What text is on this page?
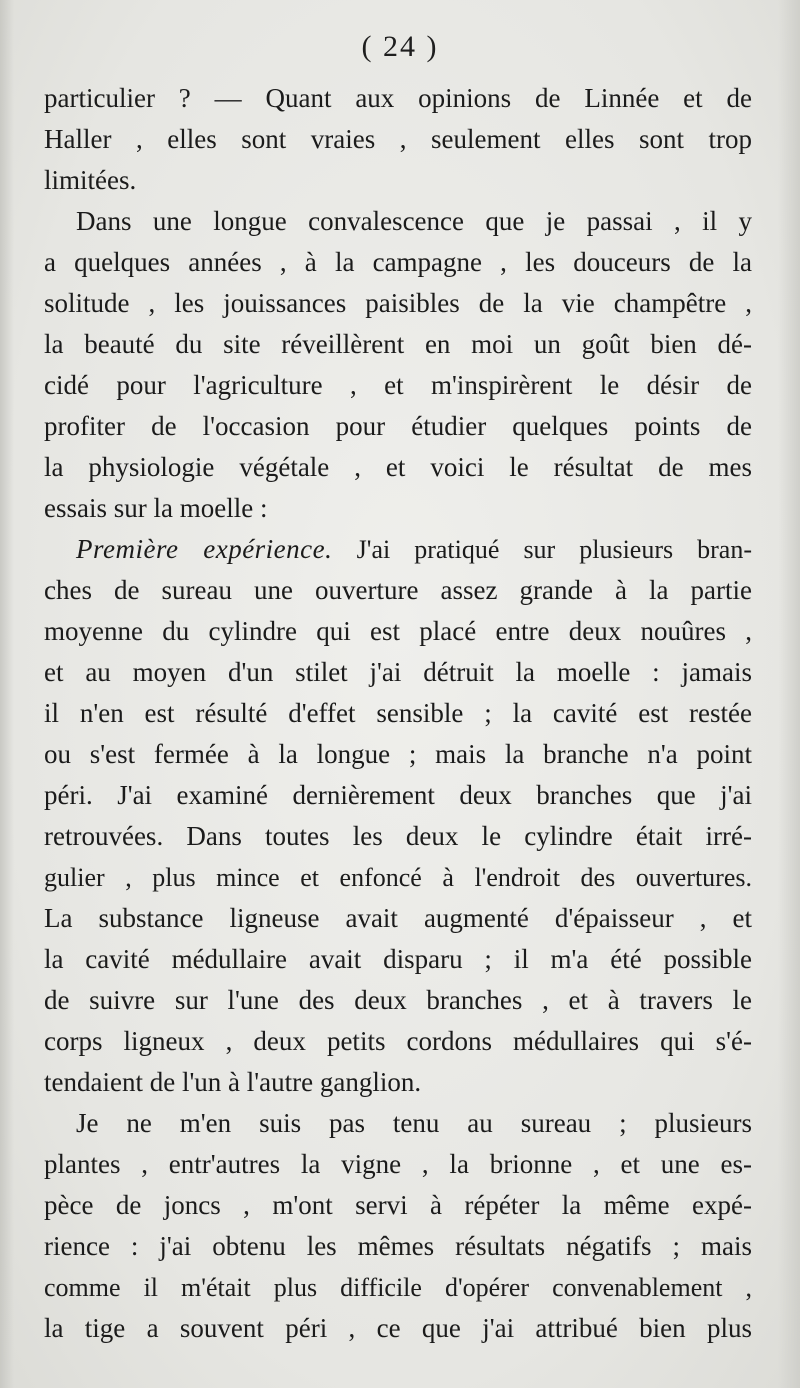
( 24 )
particulier ? — Quant aux opinions de Linnée et de
Haller , elles sont vraies , seulement elles sont trop
limitées.
Dans une longue convalescence que je passai , il y
a quelques années , à la campagne , les douceurs de la
solitude , les jouissances paisibles de la vie champêtre ,
la beauté du site réveillèrent en moi un goût bien dé-
cidé pour l'agriculture , et m'inspirèrent le désir de
profiter de l'occasion pour étudier quelques points de
la physiologie végétale , et voici le résultat de mes
essais sur la moelle :
Première expérience. J'ai pratiqué sur plusieurs bran-
ches de sureau une ouverture assez grande à la partie
moyenne du cylindre qui est placé entre deux nouûres ,
et au moyen d'un stilet j'ai détruit la moelle : jamais
il n'en est résulté d'effet sensible ; la cavité est restée
ou s'est fermée à la longue ; mais la branche n'a point
péri. J'ai examiné dernièrement deux branches que j'ai
retrouvées. Dans toutes les deux le cylindre était irré-
gulier , plus mince et enfoncé à l'endroit des ouvertures.
La substance ligneuse avait augmenté d'épaisseur , et
la cavité médullaire avait disparu ; il m'a été possible
de suivre sur l'une des deux branches , et à travers le
corps ligneux , deux petits cordons médullaires qui s'é-
tendaient de l'un à l'autre ganglion.
Je ne m'en suis pas tenu au sureau ; plusieurs
plantes , entr'autres la vigne , la brionne , et une es-
pèce de joncs , m'ont servi à répéter la même expé-
rience : j'ai obtenu les mêmes résultats négatifs ; mais
comme il m'était plus difficile d'opérer convenablement ,
la tige a souvent péri , ce que j'ai attribué bien plus
